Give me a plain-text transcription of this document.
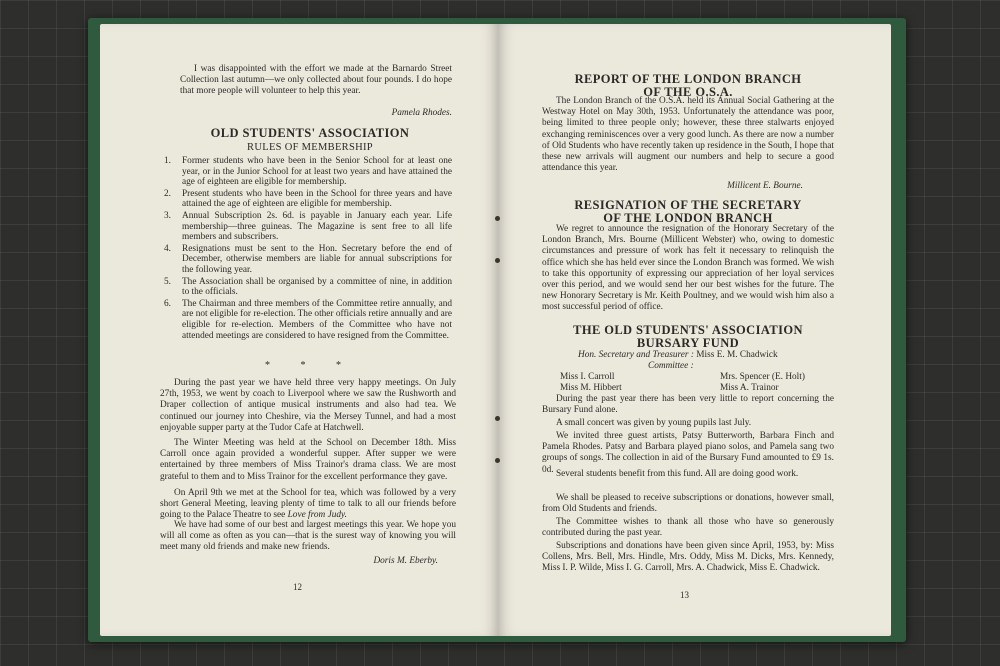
I was disappointed with the effort we made at the Barnardo Street Collection last autumn—we only collected about four pounds. I do hope that more people will volunteer to help this year.

Pamela Rhodes.
OLD STUDENTS' ASSOCIATION
RULES OF MEMBERSHIP
1. Former students who have been in the Senior School for at least one year, or in the Junior School for at least two years and have attained the age of eighteen are eligible for membership.
2. Present students who have been in the School for three years and have attained the age of eighteen are eligible for membership.
3. Annual Subscription 2s. 6d. is payable in January each year. Life membership—three guineas. The Magazine is sent free to all life members and subscribers.
4. Resignations must be sent to the Hon. Secretary before the end of December, otherwise members are liable for annual subscriptions for the following year.
5. The Association shall be organised by a committee of nine, in addition to the officials.
6. The Chairman and three members of the Committee retire annually, and are not eligible for re-election. The other officials retire annually and are eligible for re-election. Members of the Committee who have not attended meetings are considered to have resigned from the Committee.
* * *

During the past year we have held three very happy meetings. On July 27th, 1953, we went by coach to Liverpool where we saw the Rushworth and Draper collection of antique musical instruments and also had tea. We continued our journey into Cheshire, via the Mersey Tunnel, and had a most enjoyable supper party at the Tudor Cafe at Hatchwell.

The Winter Meeting was held at the School on December 18th. Miss Carroll once again provided a wonderful supper. After supper we were entertained by three members of Miss Trainor's drama class. We are most grateful to them and to Miss Trainor for the excellent performance they gave.

On April 9th we met at the School for tea, which was followed by a very short General Meeting, leaving plenty of time to talk to all our friends before going to the Palace Theatre to see Love from Judy.

We have had some of our best and largest meetings this year. We hope you will all come as often as you can—that is the surest way of knowing you will meet many old friends and make new friends.

Doris M. Eberby.
12
REPORT OF THE LONDON BRANCH
OF THE O.S.A.

The London Branch of the O.S.A. held its Annual Social Gathering at the Westway Hotel on May 30th, 1953. Unfortunately the attendance was poor, being limited to three people only; however, these three stalwarts enjoyed exchanging reminiscences over a very good lunch. As there are now a number of Old Students who have recently taken up residence in the South, I hope that these new arrivals will augment our numbers and help to secure a good attendance this year.

Millicent E. Bourne.
RESIGNATION OF THE SECRETARY
OF THE LONDON BRANCH

We regret to announce the resignation of the Honorary Secretary of the London Branch, Mrs. Bourne (Millicent Webster) who, owing to domestic circumstances and pressure of work has felt it necessary to relinquish the office which she has held ever since the London Branch was formed. We wish to take this opportunity of expressing our appreciation of her loyal services over this period, and we would send her our best wishes for the future. The new Honorary Secretary is Mr. Keith Poultney, and we would wish him also a most successful period of office.

THE OLD STUDENTS' ASSOCIATION
BURSARY FUND
Hon. Secretary and Treasurer : Miss E. M. Chadwick
Committee :
Miss I. Carroll	Mrs. Spencer (E. Holt)
Miss M. Hibbert	Miss A. Trainor

During the past year there has been very little to report concerning the Bursary Fund alone.

A small concert was given by young pupils last July.

We invited three guest artists, Patsy Butterworth, Barbara Finch and Pamela Rhodes. Patsy and Barbara played piano solos, and Pamela sang two groups of songs. The collection in aid of the Bursary Fund amounted to £9 1s. 0d. Several students benefit from this fund. All are doing good work.

We shall be pleased to receive subscriptions or donations, however small, from Old Students and friends.

The Committee wishes to thank all those who have so generously contributed during the past year.

Subscriptions and donations have been given since April, 1953, by: Miss Collens, Mrs. Bell, Mrs. Hindle, Mrs. Oddy, Miss M. Dicks, Mrs. Kennedy, Miss I. P. Wilde, Miss I. G. Carroll, Mrs. A. Chadwick, Miss E. Chadwick.

13
